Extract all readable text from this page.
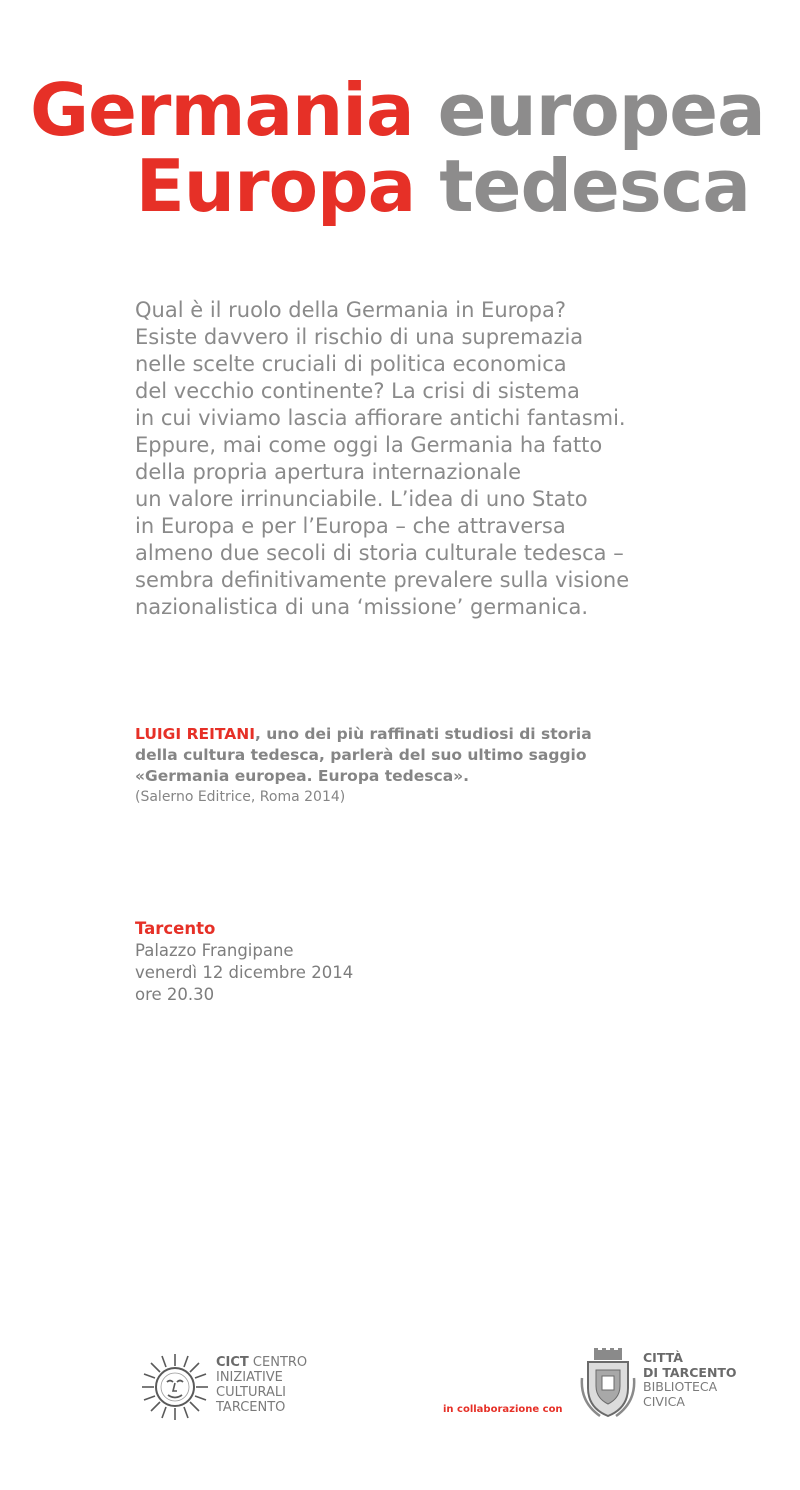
Germania europea
Europa tedesca
Qual è il ruolo della Germania in Europa?
Esiste davvero il rischio di una supremazia
nelle scelte cruciali di politica economica
del vecchio continente? La crisi di sistema
in cui viviamo lascia affiorare antichi fantasmi.
Eppure, mai come oggi la Germania ha fatto
della propria apertura internazionale
un valore irrinunciabile. L’idea di uno Stato
in Europa e per l’Europa – che attraversa
almeno due secoli di storia culturale tedesca –
sembra definitivamente prevalere sulla visione
nazionalistica di una ‘missione’ germanica.
LUIGI REITANI, uno dei più raffinati studiosi di storia
della cultura tedesca, parlerà del suo ultimo saggio
«Germania europea. Europa tedesca».
(Salerno Editrice, Roma 2014)
Tarcento
Palazzo Frangipane
venerdì 12 dicembre 2014
ore 20.30
CICT CENTRO
INIZIATIVE
CULTURALI
TARCENTO	in collaborazione con
CITTÀ
DI TARCENTO
BIBLIOTECA
CIVICA
